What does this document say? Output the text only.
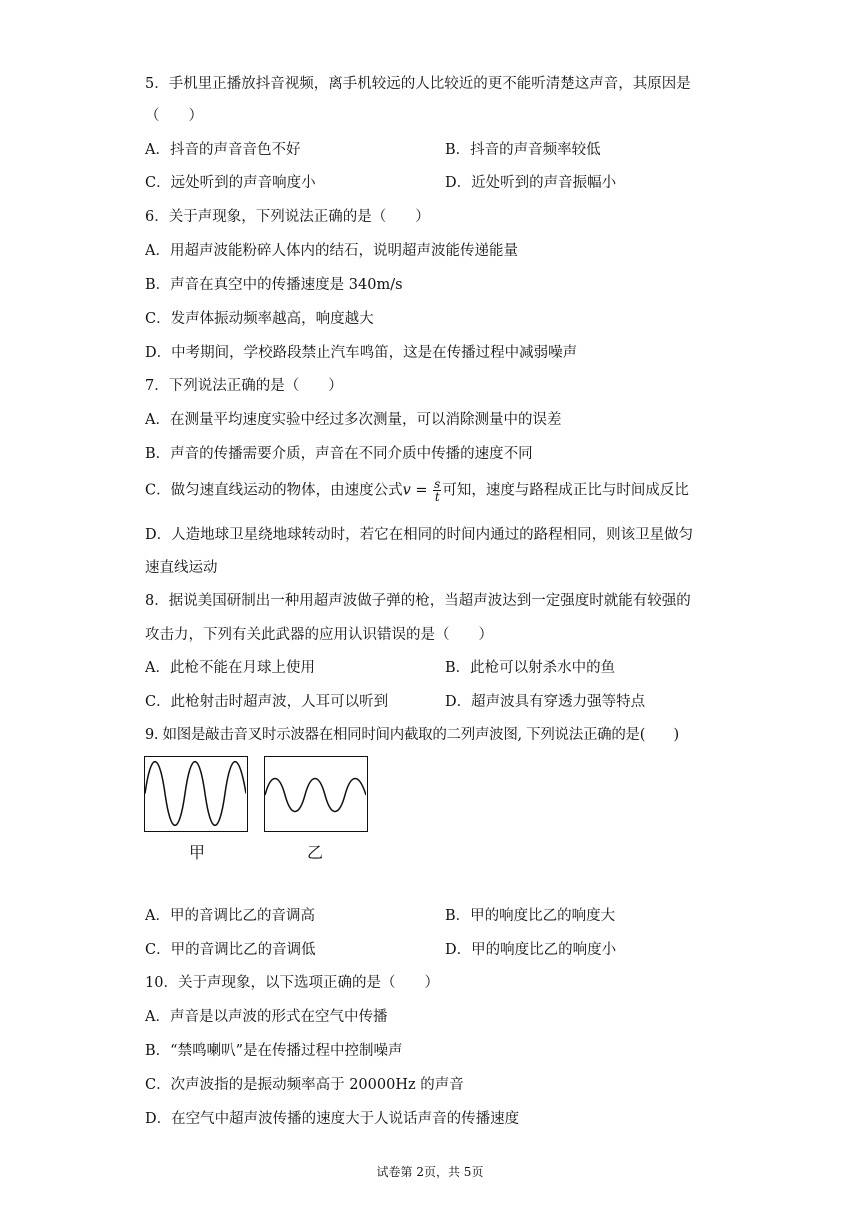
5．手机里正播放抖音视频，离手机较远的人比较近的更不能听清楚这声音，其原因是
（　　）
A．抖音的声音音色不好	B．抖音的声音频率较低
C．远处听到的声音响度小	D．近处听到的声音振幅小
6．关于声现象，下列说法正确的是（　　）
A．用超声波能粉碎人体内的结石，说明超声波能传递能量
B．声音在真空中的传播速度是 340m/s
C．发声体振动频率越高，响度越大
D．中考期间，学校路段禁止汽车鸣笛，这是在传播过程中减弱噪声
7．下列说法正确的是（　　）
A．在测量平均速度实验中经过多次测量，可以消除测量中的误差
B．声音的传播需要介质，声音在不同介质中传播的速度不同
C．做匀速直线运动的物体，由速度公式$v = \frac{s}{t}$ 可知，速度与路程成正比与时间成反比
D．人造地球卫星绕地球转动时，若它在相同的时间内通过的路程相同，则该卫星做匀
速直线运动
8．据说美国研制出一种用超声波做子弹的枪，当超声波达到一定强度时就能有较强的
攻击力，下列有关此武器的应用认识错误的是（　　）
A．此枪不能在月球上使用	B．此枪可以射杀水中的鱼
C．此枪射击时超声波，人耳可以听到	D．超声波具有穿透力强等特点
9. 如图是敲击音叉时示波器在相同时间内截取的二列声波图, 下列说法正确的是(　　)
甲	乙
A．甲的音调比乙的音调高	B．甲的响度比乙的响度大
C．甲的音调比乙的音调低	D．甲的响度比乙的响度小
10．关于声现象，以下选项正确的是（　　）
A．声音是以声波的形式在空气中传播
B．“禁鸣喇叭”是在传播过程中控制噪声
C．次声波指的是振动频率高于 20000Hz 的声音
D．在空气中超声波传播的速度大于人说话声音的传播速度
试卷第 2页，共 5页
